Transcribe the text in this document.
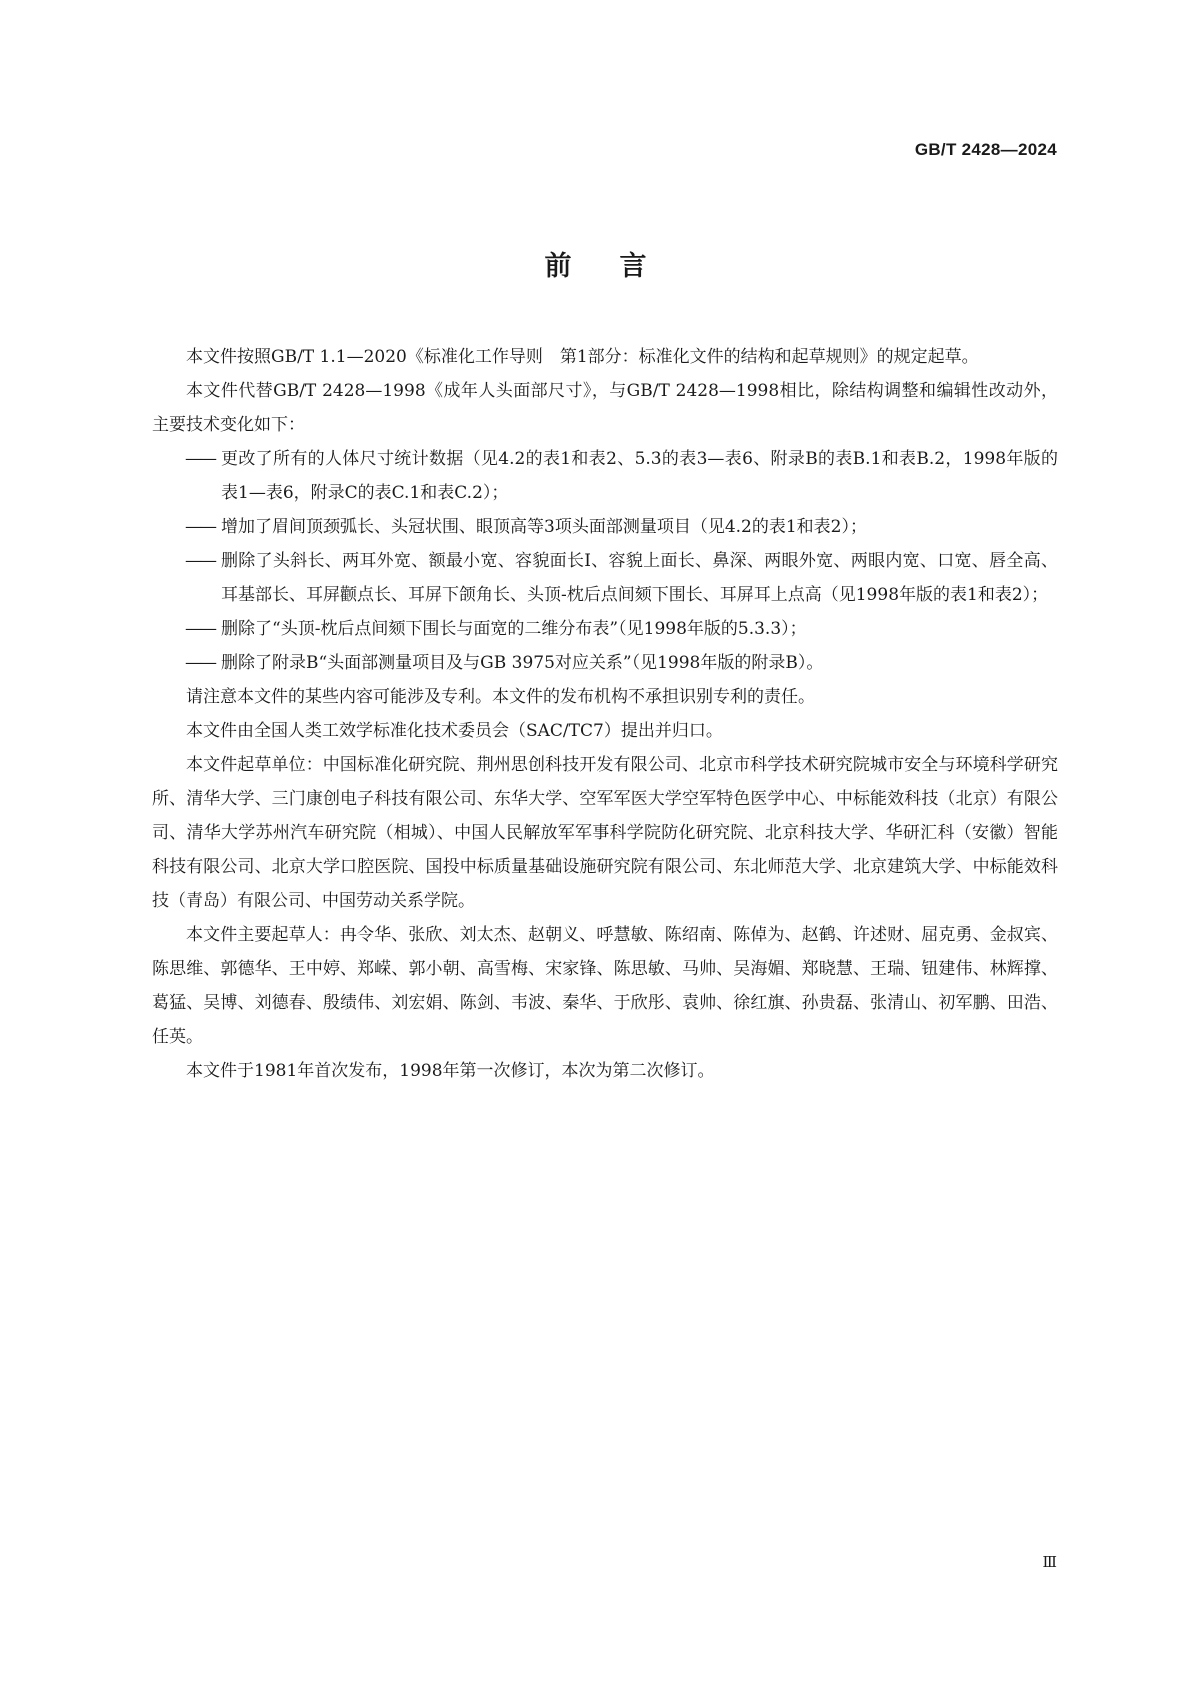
GB/T 2428—2024
前言

本文件按照GB/T 1.1—2020《标准化工作导则　第1部分：标准化文件的结构和起草规则》的规定起草。

本文件代替GB/T 2428—1998《成年人头面部尺寸》，与GB/T 2428—1998相比，除结构调整和编辑性改动外，主要技术变化如下：

—— 更改了所有的人体尺寸统计数据（见4.2的表1和表2、5.3的表3—表6、附录B的表B.1和表B.2，1998年版的表1—表6，附录C的表C.1和表C.2）；

—— 增加了眉间顶颈弧长、头冠状围、眼顶高等3项头面部测量项目（见4.2的表1和表2）；

—— 删除了头斜长、两耳外宽、额最小宽、容貌面长Ⅰ、容貌上面长、鼻深、两眼外宽、两眼内宽、口宽、唇全高、耳基部长、耳屏颧点长、耳屏下颌角长、头顶-枕后点间颏下围长、耳屏耳上点高（见1998年版的表1和表2）；

—— 删除了“头顶-枕后点间颏下围长与面宽的二维分布表”（见1998年版的5.3.3）；

—— 删除了附录B“头面部测量项目及与GB 3975对应关系”（见1998年版的附录B）。

请注意本文件的某些内容可能涉及专利。本文件的发布机构不承担识别专利的责任。

本文件由全国人类工效学标准化技术委员会（SAC/TC7）提出并归口。

本文件起草单位：中国标准化研究院、荆州思创科技开发有限公司、北京市科学技术研究院城市安全与环境科学研究所、清华大学、三门康创电子科技有限公司、东华大学、空军军医大学空军特色医学中心、中标能效科技（北京）有限公司、清华大学苏州汽车研究院（相城）、中国人民解放军军事科学院防化研究院、北京科技大学、华研汇科（安徽）智能科技有限公司、北京大学口腔医院、国投中标质量基础设施研究院有限公司、东北师范大学、北京建筑大学、中标能效科技（青岛）有限公司、中国劳动关系学院。

本文件主要起草人：冉令华、张欣、刘太杰、赵朝义、呼慧敏、陈绍南、陈倬为、赵鹤、许述财、屈克勇、金叔宾、陈思维、郭德华、王中婷、郑嵘、郭小朝、高雪梅、宋家锋、陈思敏、马帅、吴海媚、郑晓慧、王瑞、钮建伟、林辉撑、葛猛、吴博、刘德春、殷绩伟、刘宏娟、陈剑、韦波、秦华、于欣彤、袁帅、徐红旗、孙贵磊、张清山、初军鹏、田浩、任英。

本文件于1981年首次发布，1998年第一次修订，本次为第二次修订。

Ⅲ
